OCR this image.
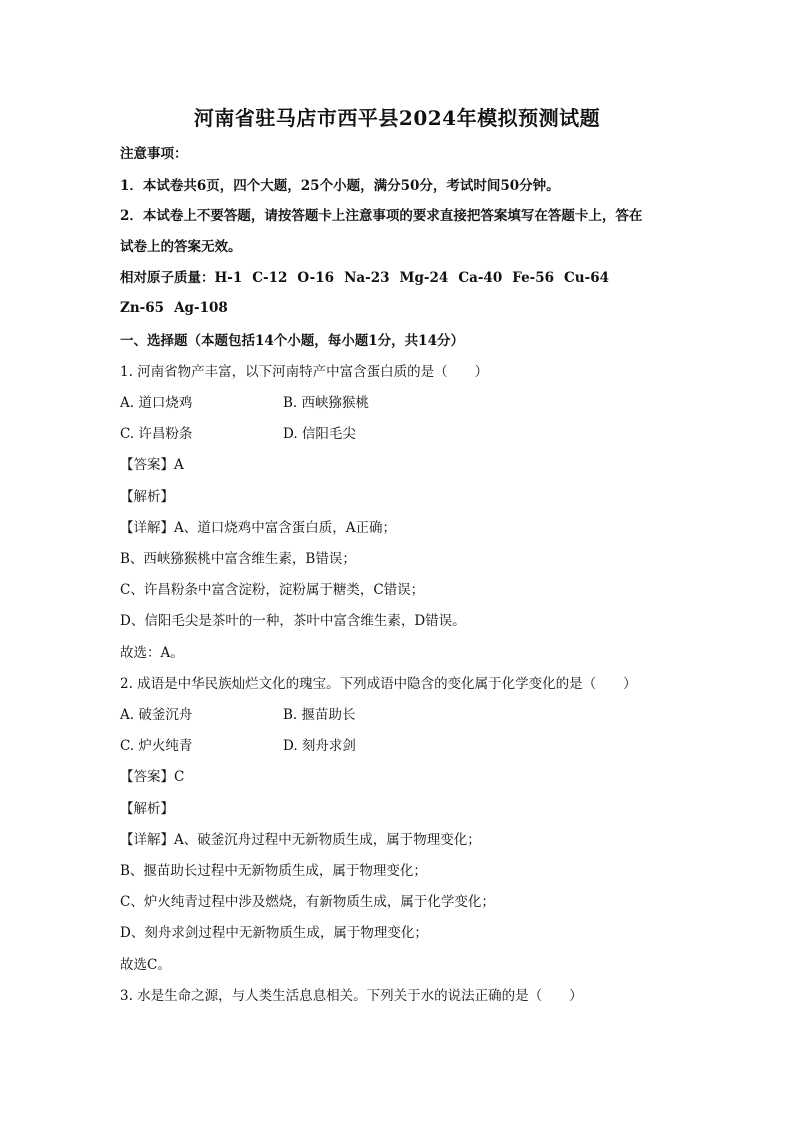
河南省驻马店市西平县2024年模拟预测试题
注意事项：
1．本试卷共6页，四个大题，25个小题，满分50分，考试时间50分钟。
2．本试卷上不要答题，请按答题卡上注意事项的要求直接把答案填写在答题卡上，答在
试卷上的答案无效。
相对原子质量：H-1 C-12 O-16 Na-23 Mg-24 Ca-40 Fe-56 Cu-64Zn-65 Ag-108
一、选择题（本题包括14个小题，每小题1分，共14分）
1. 河南省物产丰富，以下河南特产中富含蛋白质的是（　　）
A. 道口烧鸡	B. 西峡猕猴桃
C. 许昌粉条	D. 信阳毛尖
【答案】A
【解析】
【详解】A、道口烧鸡中富含蛋白质，A正确；
B、西峡猕猴桃中富含维生素，B错误；
C、许昌粉条中富含淀粉，淀粉属于糖类，C错误；
D、信阳毛尖是茶叶的一种，茶叶中富含维生素，D错误。
故选：A。
2. 成语是中华民族灿烂文化的瑰宝。下列成语中隐含的变化属于化学变化的是（　　）
A. 破釜沉舟	B. 揠苗助长
C. 炉火纯青	D. 刻舟求剑
【答案】C
【解析】
【详解】A、破釜沉舟过程中无新物质生成，属于物理变化；
B、揠苗助长过程中无新物质生成，属于物理变化；
C、炉火纯青过程中涉及燃烧，有新物质生成，属于化学变化；
D、刻舟求剑过程中无新物质生成，属于物理变化；
故选C。
3. 水是生命之源，与人类生活息息相关。下列关于水的说法正确的是（　　）
